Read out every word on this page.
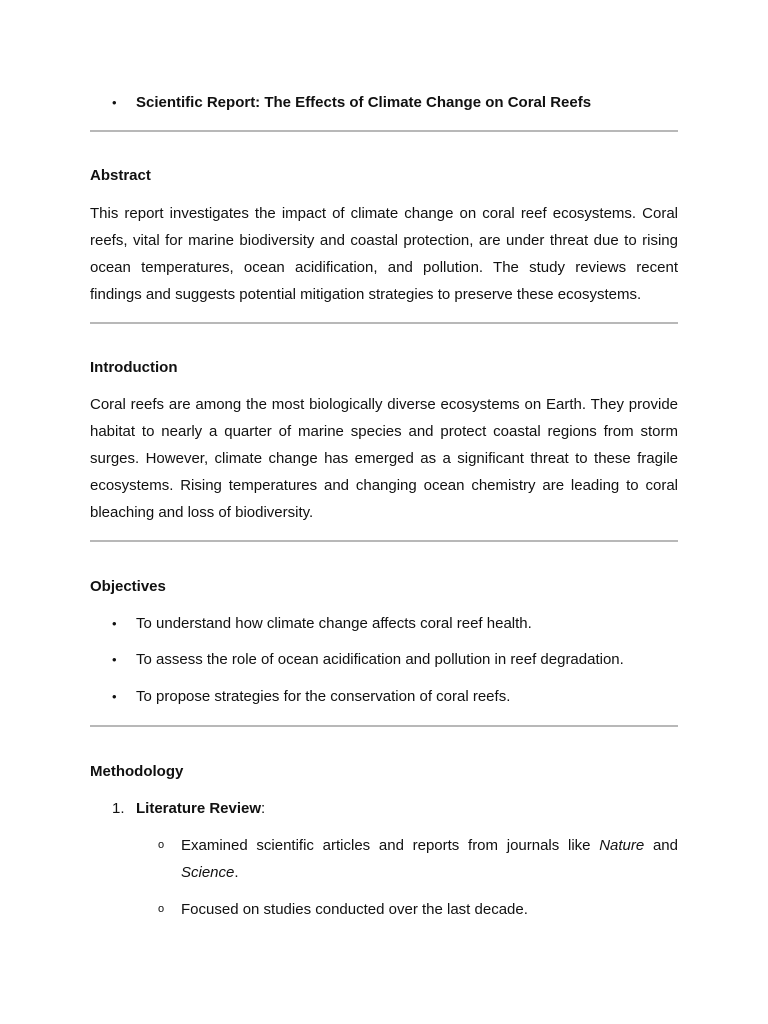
• Scientific Report: The Effects of Climate Change on Coral Reefs
Abstract

This report investigates the impact of climate change on coral reef ecosystems. Coral reefs, vital for marine biodiversity and coastal protection, are under threat due to rising ocean temperatures, ocean acidification, and pollution. The study reviews recent findings and suggests potential mitigation strategies to preserve these ecosystems.

Introduction

Coral reefs are among the most biologically diverse ecosystems on Earth. They provide habitat to nearly a quarter of marine species and protect coastal regions from storm surges. However, climate change has emerged as a significant threat to these fragile ecosystems. Rising temperatures and changing ocean chemistry are leading to coral bleaching and loss of biodiversity.

Objectives
• To understand how climate change affects coral reef health.
• To assess the role of ocean acidification and pollution in reef degradation.
• To propose strategies for the conservation of coral reefs.
Methodology
1. Literature Review:
o Examined scientific articles and reports from journals like Nature and Science.

o Focused on studies conducted over the last decade.
